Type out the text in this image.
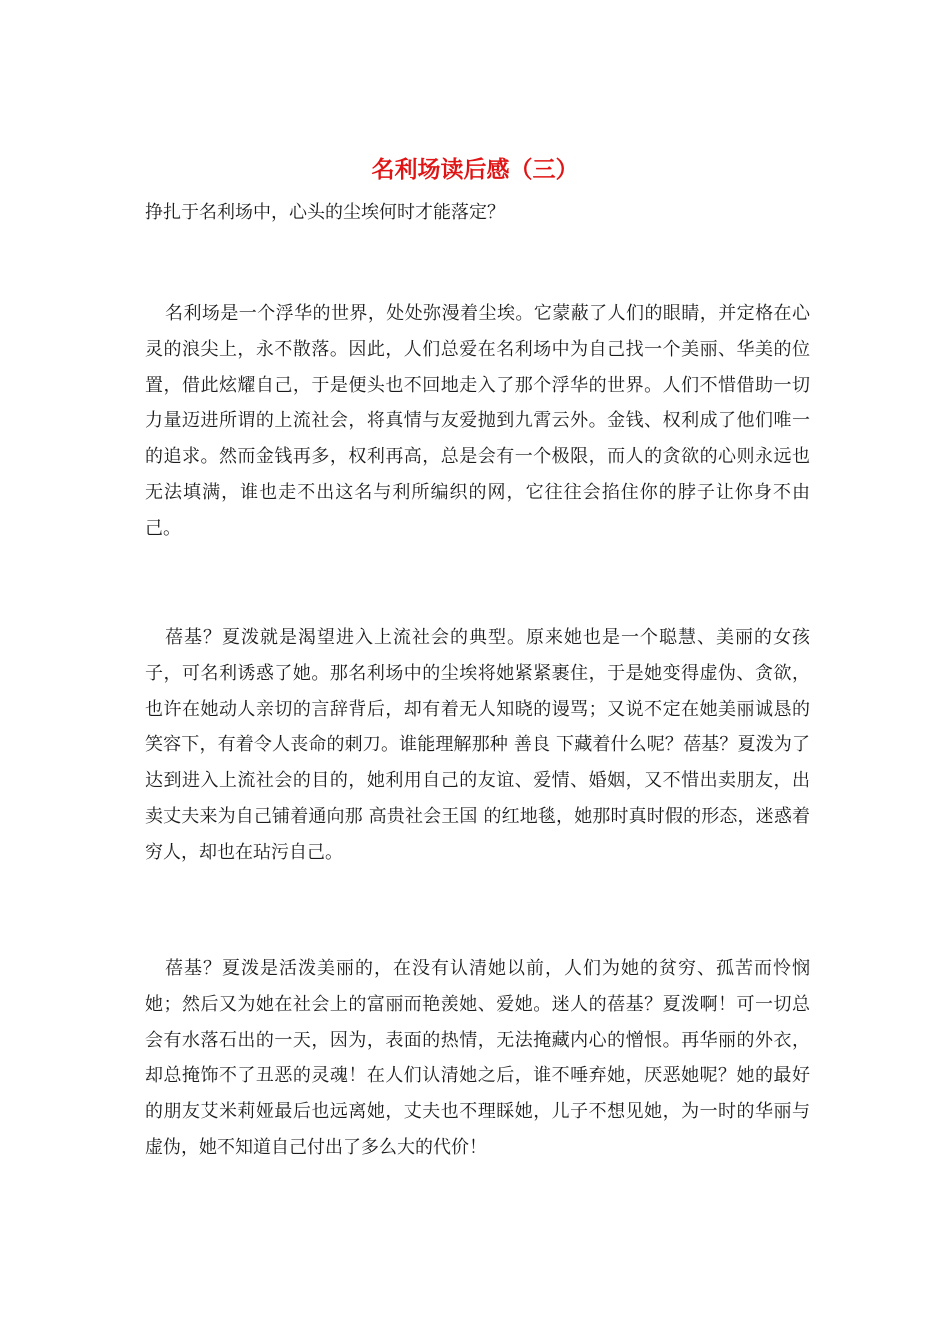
名利场读后感（三）

挣扎于名利场中，心头的尘埃何时才能落定？

名利场是一个浮华的世界，处处弥漫着尘埃。它蒙蔽了人们的眼睛，并定格在心灵的浪尖上，永不散落。因此，人们总爱在名利场中为自己找一个美丽、华美的位置，借此炫耀自己，于是便头也不回地走入了那个浮华的世界。人们不惜借助一切力量迈进所谓的上流社会，将真情与友爱抛到九霄云外。金钱、权利成了他们唯一的追求。然而金钱再多，权利再高，总是会有一个极限，而人的贪欲的心则永远也无法填满，谁也走不出这名与利所编织的网，它往往会掐住你的脖子让你身不由己。

蓓基？夏泼就是渴望进入上流社会的典型。原来她也是一个聪慧、美丽的女孩子，可名利诱惑了她。那名利场中的尘埃将她紧紧裹住，于是她变得虚伪、贪欲，也许在她动人亲切的言辞背后，却有着无人知晓的谩骂；又说不定在她美丽诚恳的笑容下，有着令人丧命的刺刀。谁能理解那种 善良 下藏着什么呢？蓓基？夏泼为了达到进入上流社会的目的，她利用自己的友谊、爱情、婚姻，又不惜出卖朋友，出卖丈夫来为自己铺着通向那 高贵社会王国 的红地毯，她那时真时假的形态，迷惑着穷人，却也在玷污自己。

蓓基？夏泼是活泼美丽的，在没有认清她以前，人们为她的贫穷、孤苦而怜悯她；然后又为她在社会上的富丽而艳羡她、爱她。迷人的蓓基？夏泼啊！可一切总会有水落石出的一天，因为，表面的热情，无法掩藏内心的憎恨。再华丽的外衣，却总掩饰不了丑恶的灵魂！在人们认清她之后，谁不唾弃她，厌恶她呢？她的最好的朋友艾米莉娅最后也远离她，丈夫也不理睬她，儿子不想见她，为一时的华丽与虚伪，她不知道自己付出了多么大的代价！
